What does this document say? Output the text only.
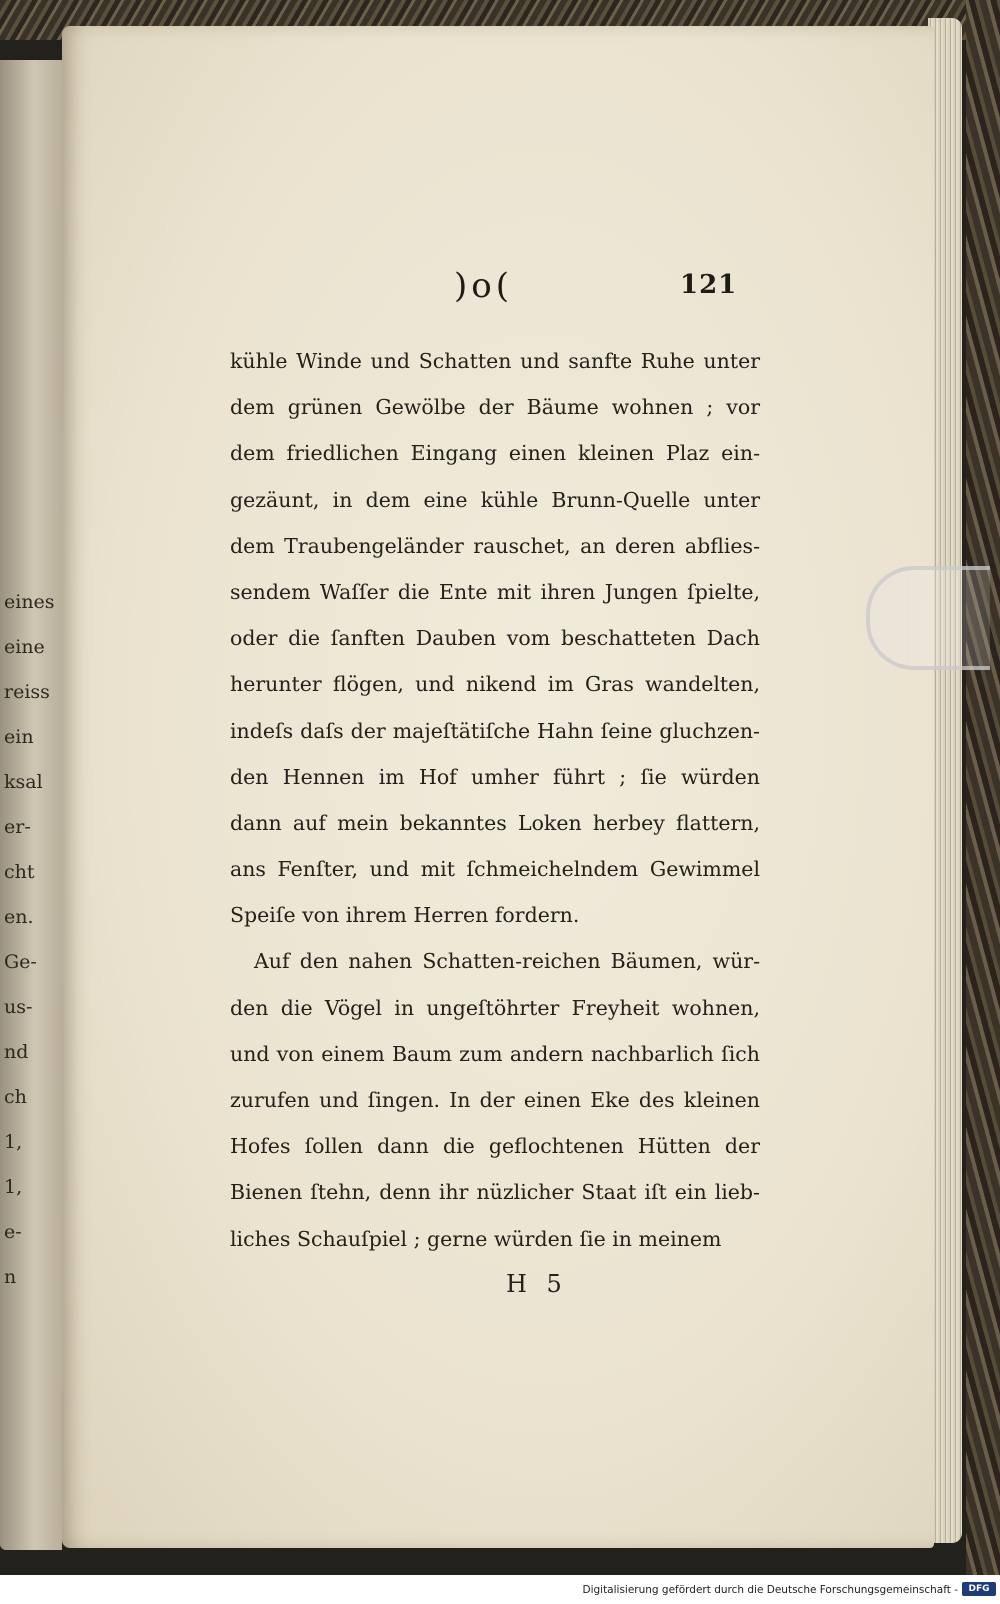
eines
eine
reiss
ein
ksal
er-
cht
en.
Ge-
us-
nd
ch
1,
1,
e-
n
)o(	121
kühle Winde und Schatten und sanfte Ruhe unter
dem grünen Gewölbe der Bäume wohnen ; vor
dem friedlichen Eingang einen kleinen Plaz ein-
gezäunt, in dem eine kühle Brunn-Quelle unter
dem Traubengeländer rauschet, an deren abflies-
sendem Waſſer die Ente mit ihren Jungen ſpielte,
oder die ſanften Dauben vom beschatteten Dach
herunter flögen, und nikend im Gras wandelten,
indeſs daſs der majeſtätiſche Hahn ſeine gluchzen-
den Hennen im Hof umher führt ; ſie würden
dann auf mein bekanntes Loken herbey flattern,
ans Fenſter, und mit ſchmeichelndem Gewimmel
Speiſe von ihrem Herren fordern.
Auf den nahen Schatten-reichen Bäumen, wür-
den die Vögel in ungeſtöhrter Freyheit wohnen,
und von einem Baum zum andern nachbarlich ſich
zurufen und ſingen. In der einen Eke des kleinen
Hofes ſollen dann die geflochtenen Hütten der
Bienen ſtehn, denn ihr nüzlicher Staat iſt ein lieb-
liches Schauſpiel ; gerne würden ſie in meinem
H 5
Digitalisierung gefördert durch die Deutsche Forschungsgemeinschaft -	DFG
